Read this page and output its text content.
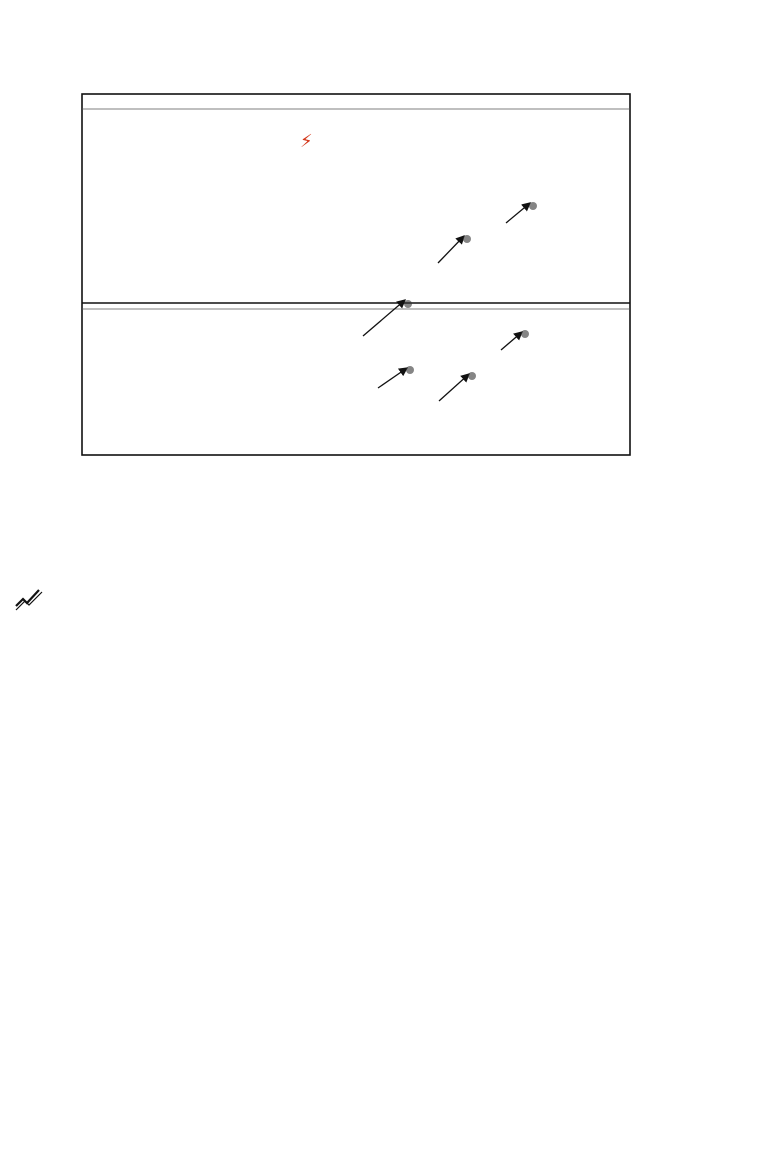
⚡
